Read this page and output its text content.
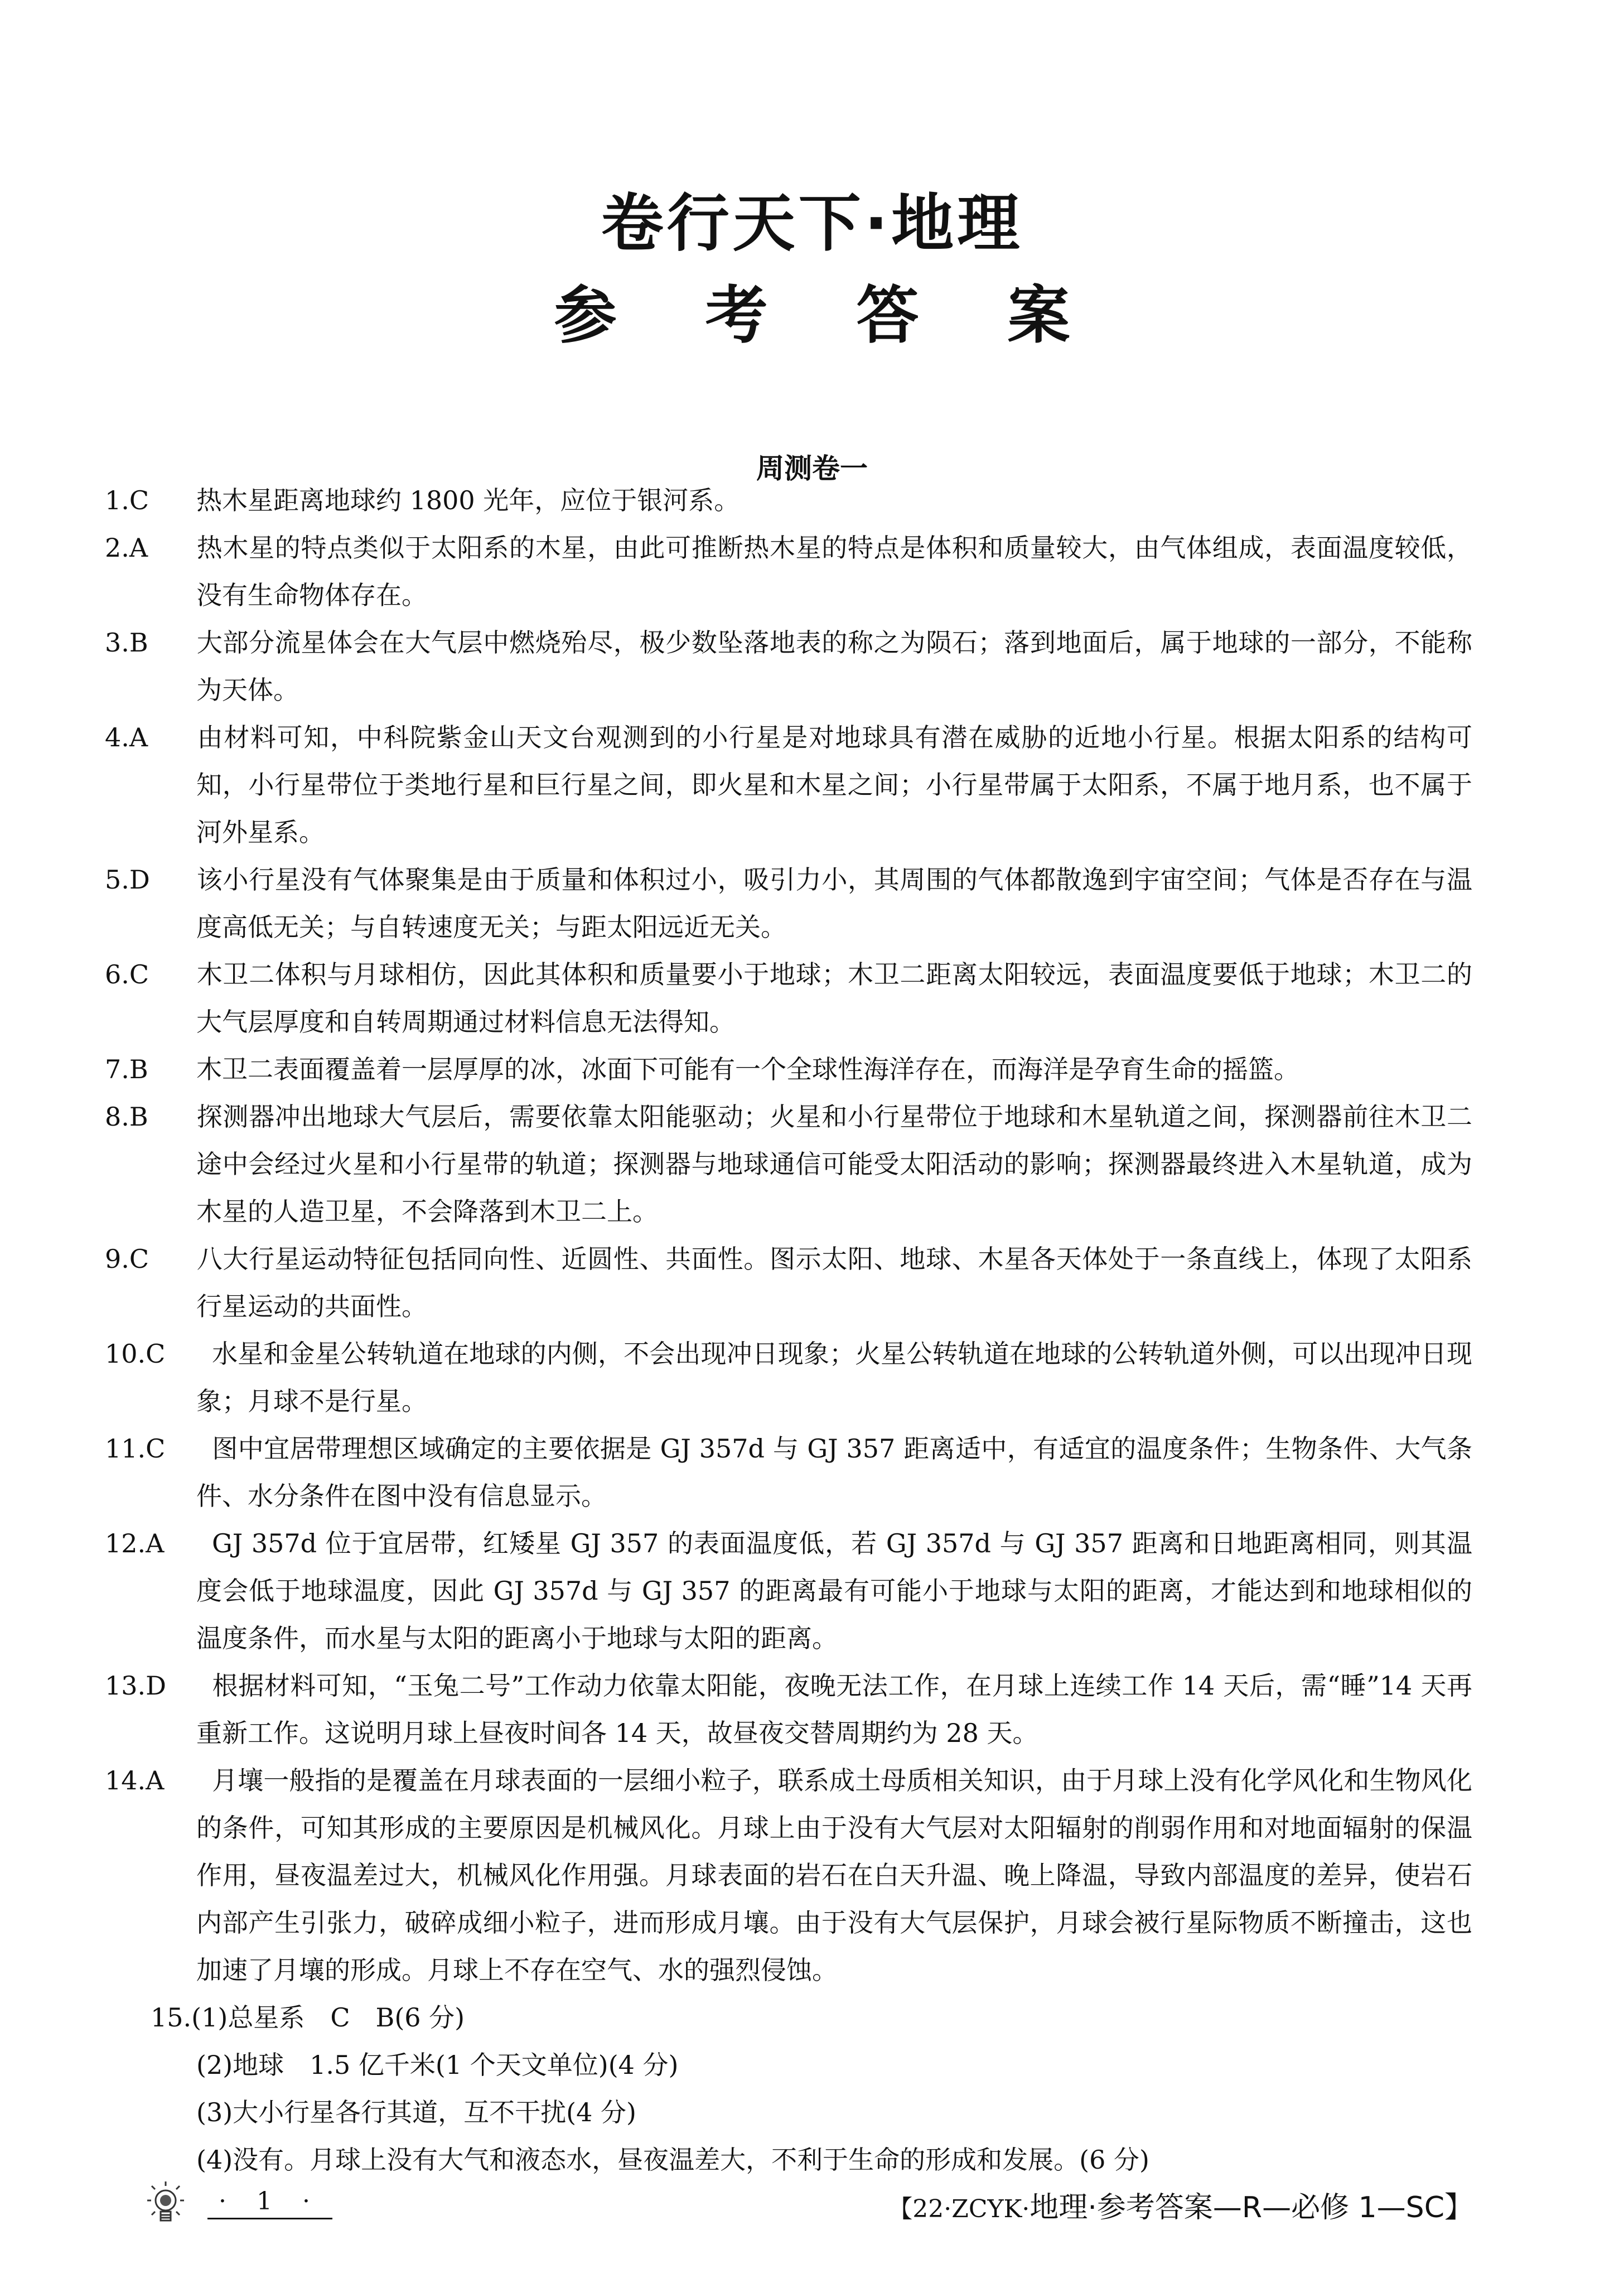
卷行天下·地理
参 考 答 案
周测卷一
1.C 热木星距离地球约 1800 光年，应位于银河系。
2.A 热木星的特点类似于太阳系的木星，由此可推断热木星的特点是体积和质量较大，由气体组成，表面温度较低，没有生命物体存在。
3.B 大部分流星体会在大气层中燃烧殆尽，极少数坠落地表的称之为陨石；落到地面后，属于地球的一部分，不能称为天体。
4.A 由材料可知，中科院紫金山天文台观测到的小行星是对地球具有潜在威胁的近地小行星。根据太阳系的结构可知，小行星带位于类地行星和巨行星之间，即火星和木星之间；小行星带属于太阳系，不属于地月系，也不属于河外星系。
5.D 该小行星没有气体聚集是由于质量和体积过小，吸引力小，其周围的气体都散逸到宇宙空间；气体是否存在与温度高低无关；与自转速度无关；与距太阳远近无关。
6.C 木卫二体积与月球相仿，因此其体积和质量要小于地球；木卫二距离太阳较远，表面温度要低于地球；木卫二的大气层厚度和自转周期通过材料信息无法得知。
7.B 木卫二表面覆盖着一层厚厚的冰，冰面下可能有一个全球性海洋存在，而海洋是孕育生命的摇篮。
8.B 探测器冲出地球大气层后，需要依靠太阳能驱动；火星和小行星带位于地球和木星轨道之间，探测器前往木卫二途中会经过火星和小行星带的轨道；探测器与地球通信可能受太阳活动的影响；探测器最终进入木星轨道，成为木星的人造卫星，不会降落到木卫二上。
9.C 八大行星运动特征包括同向性、近圆性、共面性。图示太阳、地球、木星各天体处于一条直线上，体现了太阳系行星运动的共面性。
10.C 水星和金星公转轨道在地球的内侧，不会出现冲日现象；火星公转轨道在地球的公转轨道外侧，可以出现冲日现象；月球不是行星。
11.C 图中宜居带理想区域确定的主要依据是 GJ 357d 与 GJ 357 距离适中，有适宜的温度条件；生物条件、大气条件、水分条件在图中没有信息显示。
12.A GJ 357d 位于宜居带，红矮星 GJ 357 的表面温度低，若 GJ 357d 与 GJ 357 距离和日地距离相同，则其温度会低于地球温度，因此 GJ 357d 与 GJ 357 的距离最有可能小于地球与太阳的距离，才能达到和地球相似的温度条件，而水星与太阳的距离小于地球与太阳的距离。
13.D 根据材料可知，“玉兔二号”工作动力依靠太阳能，夜晚无法工作，在月球上连续工作 14 天后，需“睡”14 天再重新工作。这说明月球上昼夜时间各 14 天，故昼夜交替周期约为 28 天。
14.A 月壤一般指的是覆盖在月球表面的一层细小粒子，联系成土母质相关知识，由于月球上没有化学风化和生物风化的条件，可知其形成的主要原因是机械风化。月球上由于没有大气层对太阳辐射的削弱作用和对地面辐射的保温作用，昼夜温差过大，机械风化作用强。月球表面的岩石在白天升温、晚上降温，导致内部温度的差异，使岩石内部产生引张力，破碎成细小粒子，进而形成月壤。由于没有大气层保护，月球会被行星际物质不断撞击，这也加速了月壤的形成。月球上不存在空气、水的强烈侵蚀。
15.(1)总星系　C　B(6 分)
(2)地球　1.5 亿千米(1 个天文单位)(4 分)
(3)大小行星各行其道，互不干扰(4 分)
(4)没有。月球上没有大气和液态水，昼夜温差大，不利于生命的形成和发展。(6 分)
· 1 ·	【22·ZCYK·地理·参考答案—R—必修 1—SC】
